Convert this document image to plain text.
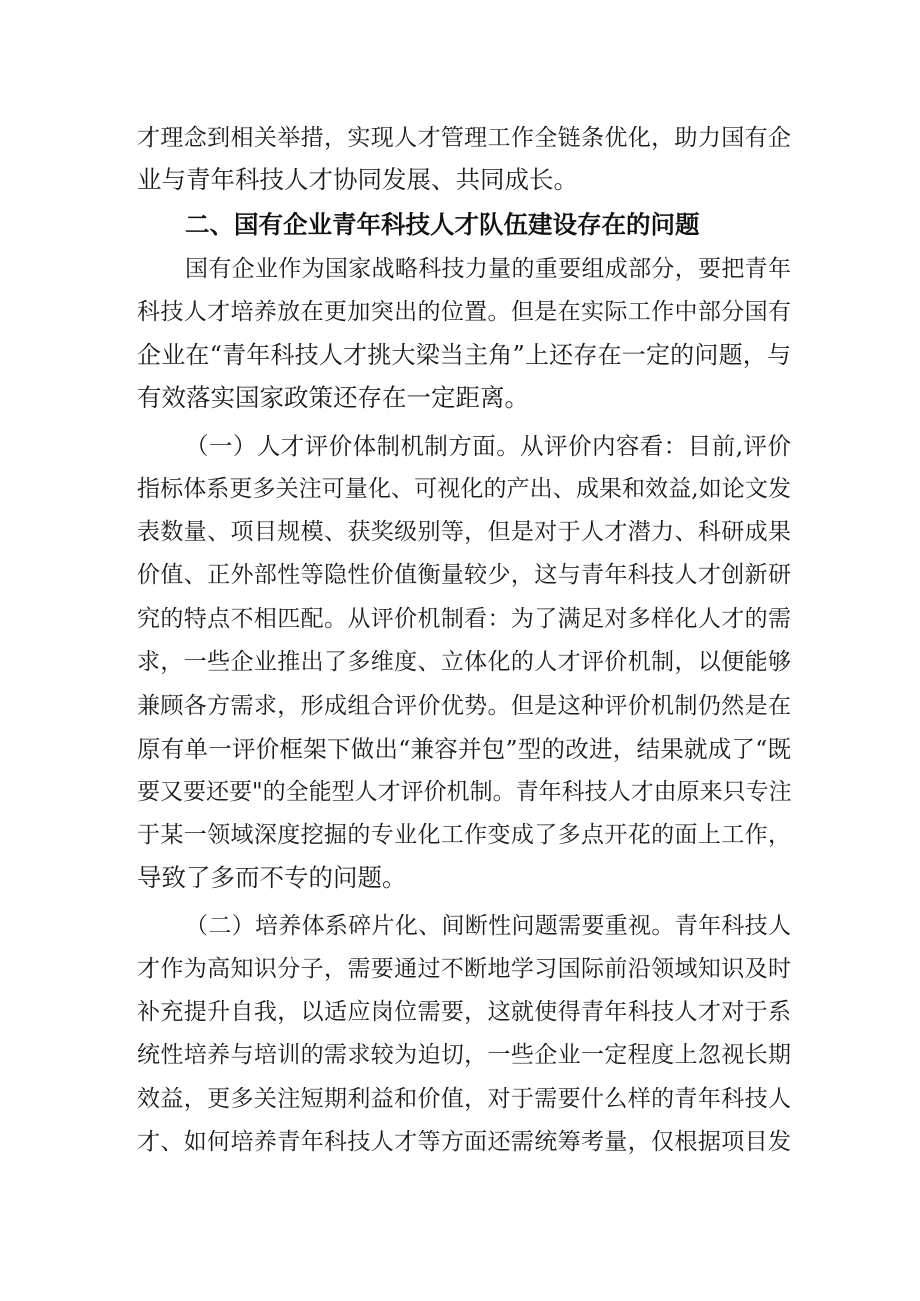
才理念到相关举措，实现人才管理工作全链条优化，助力国有企
业与青年科技人才协同发展、共同成长。
二、国有企业青年科技人才队伍建设存在的问题
国有企业作为国家战略科技力量的重要组成部分，要把青年
科技人才培养放在更加突出的位置。但是在实际工作中部分国有
企业在“青年科技人才挑大梁当主角”上还存在一定的问题，与
有效落实国家政策还存在一定距离。
（一）人才评价体制机制方面。从评价内容看：目前,评价
指标体系更多关注可量化、可视化的产出、成果和效益,如论文发
表数量、项目规模、获奖级别等，但是对于人才潜力、科研成果
价值、正外部性等隐性价值衡量较少，这与青年科技人才创新研
究的特点不相匹配。从评价机制看：为了满足对多样化人才的需
求，一些企业推出了多维度、立体化的人才评价机制，以便能够
兼顾各方需求，形成组合评价优势。但是这种评价机制仍然是在
原有单一评价框架下做出“兼容并包”型的改进，结果就成了“既
要又要还要"的全能型人才评价机制。青年科技人才由原来只专注
于某一领域深度挖掘的专业化工作变成了多点开花的面上工作，
导致了多而不专的问题。
（二）培养体系碎片化、间断性问题需要重视。青年科技人
才作为高知识分子，需要通过不断地学习国际前沿领域知识及时
补充提升自我，以适应岗位需要，这就使得青年科技人才对于系
统性培养与培训的需求较为迫切，一些企业一定程度上忽视长期
效益，更多关注短期利益和价值，对于需要什么样的青年科技人
才、如何培养青年科技人才等方面还需统筹考量，仅根据项目发
